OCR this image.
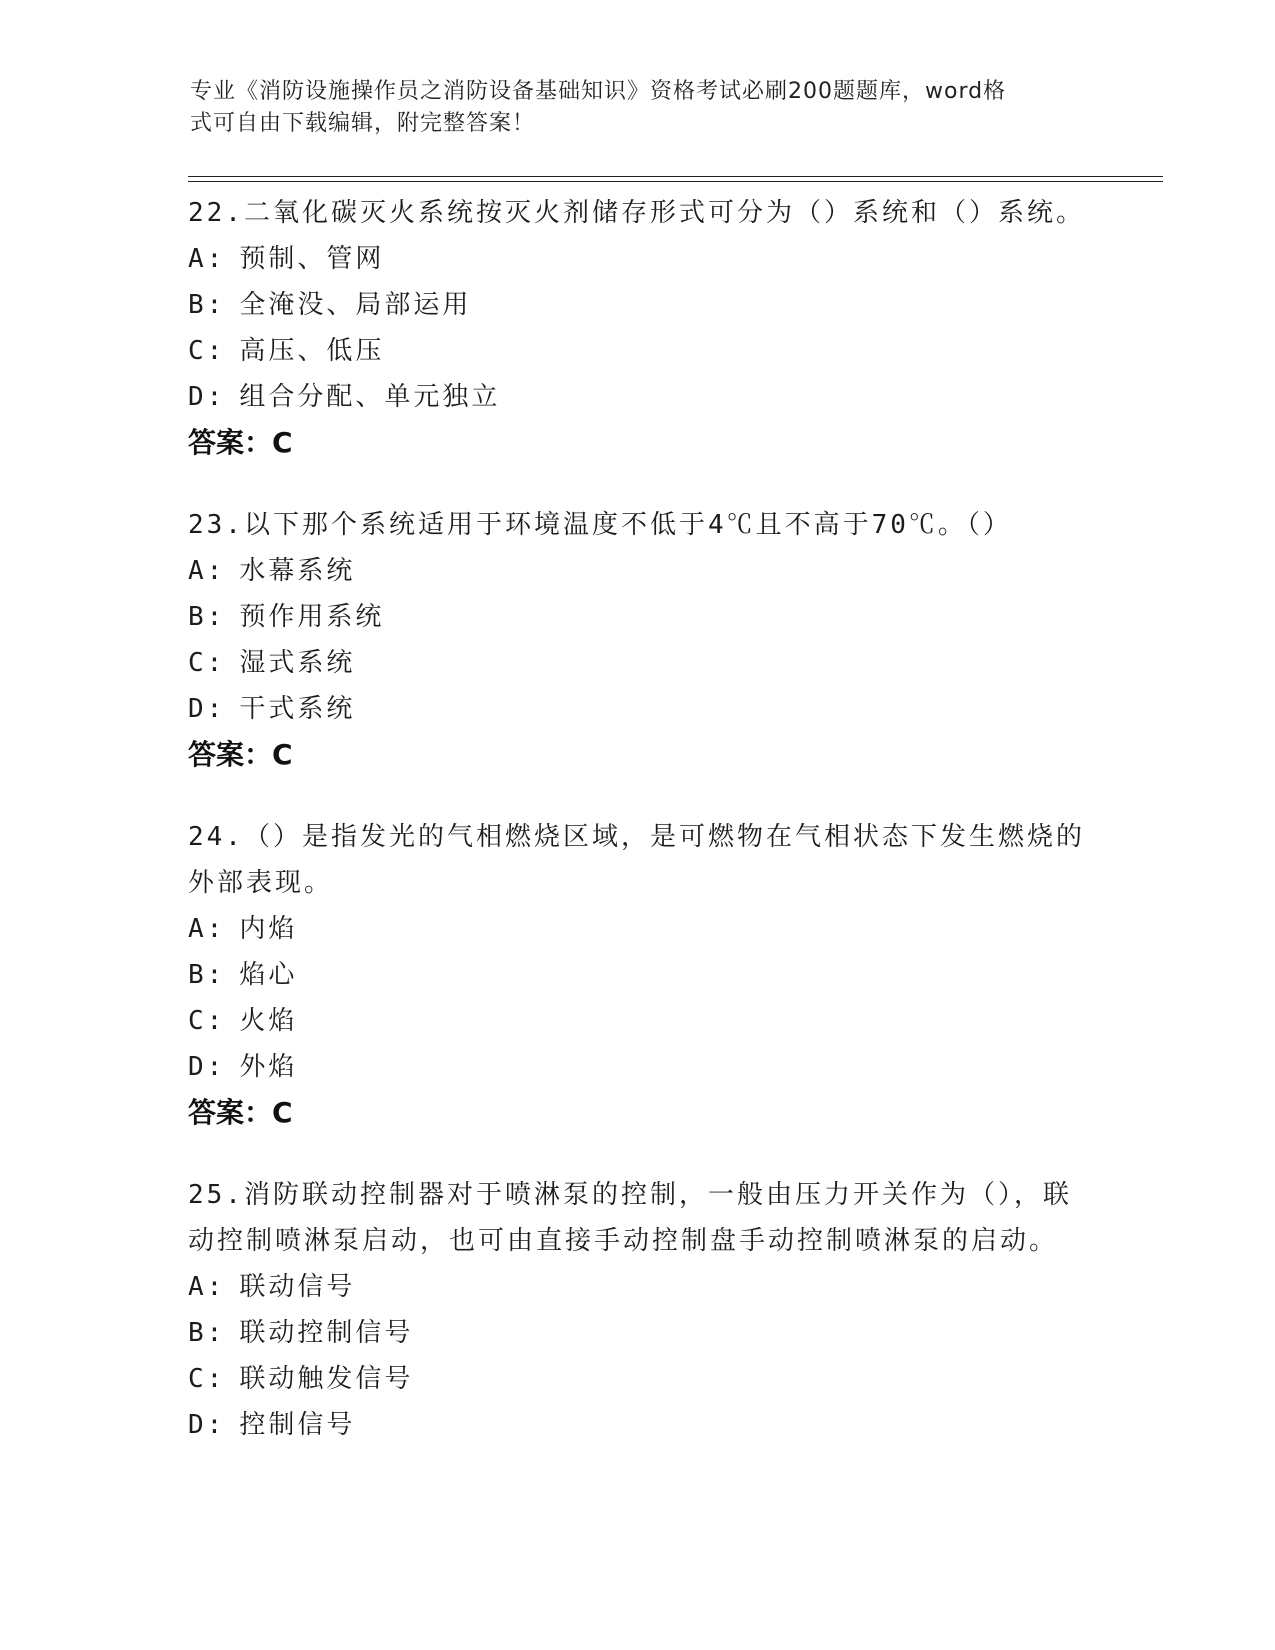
专业《消防设施操作员之消防设备基础知识》资格考试必刷200题题库，word格
式可自由下载编辑，附完整答案！

22.二氧化碳灭火系统按灭火剂储存形式可分为（）系统和（）系统。

A: 预制、管网

B: 全淹没、局部运用

C: 高压、低压

D: 组合分配、单元独立

答案：C

23.以下那个系统适用于环境温度不低于4℃且不高于70℃。（）

A: 水幕系统

B: 预作用系统

C: 湿式系统

D: 干式系统

答案：C

24.（）是指发光的气相燃烧区域，是可燃物在气相状态下发生燃烧的外部表现。

A: 内焰

B: 焰心

C: 火焰

D: 外焰

答案：C

25.消防联动控制器对于喷淋泵的控制，一般由压力开关作为（），联动控制喷淋泵启动，也可由直接手动控制盘手动控制喷淋泵的启动。

A: 联动信号

B: 联动控制信号

C: 联动触发信号

D: 控制信号
